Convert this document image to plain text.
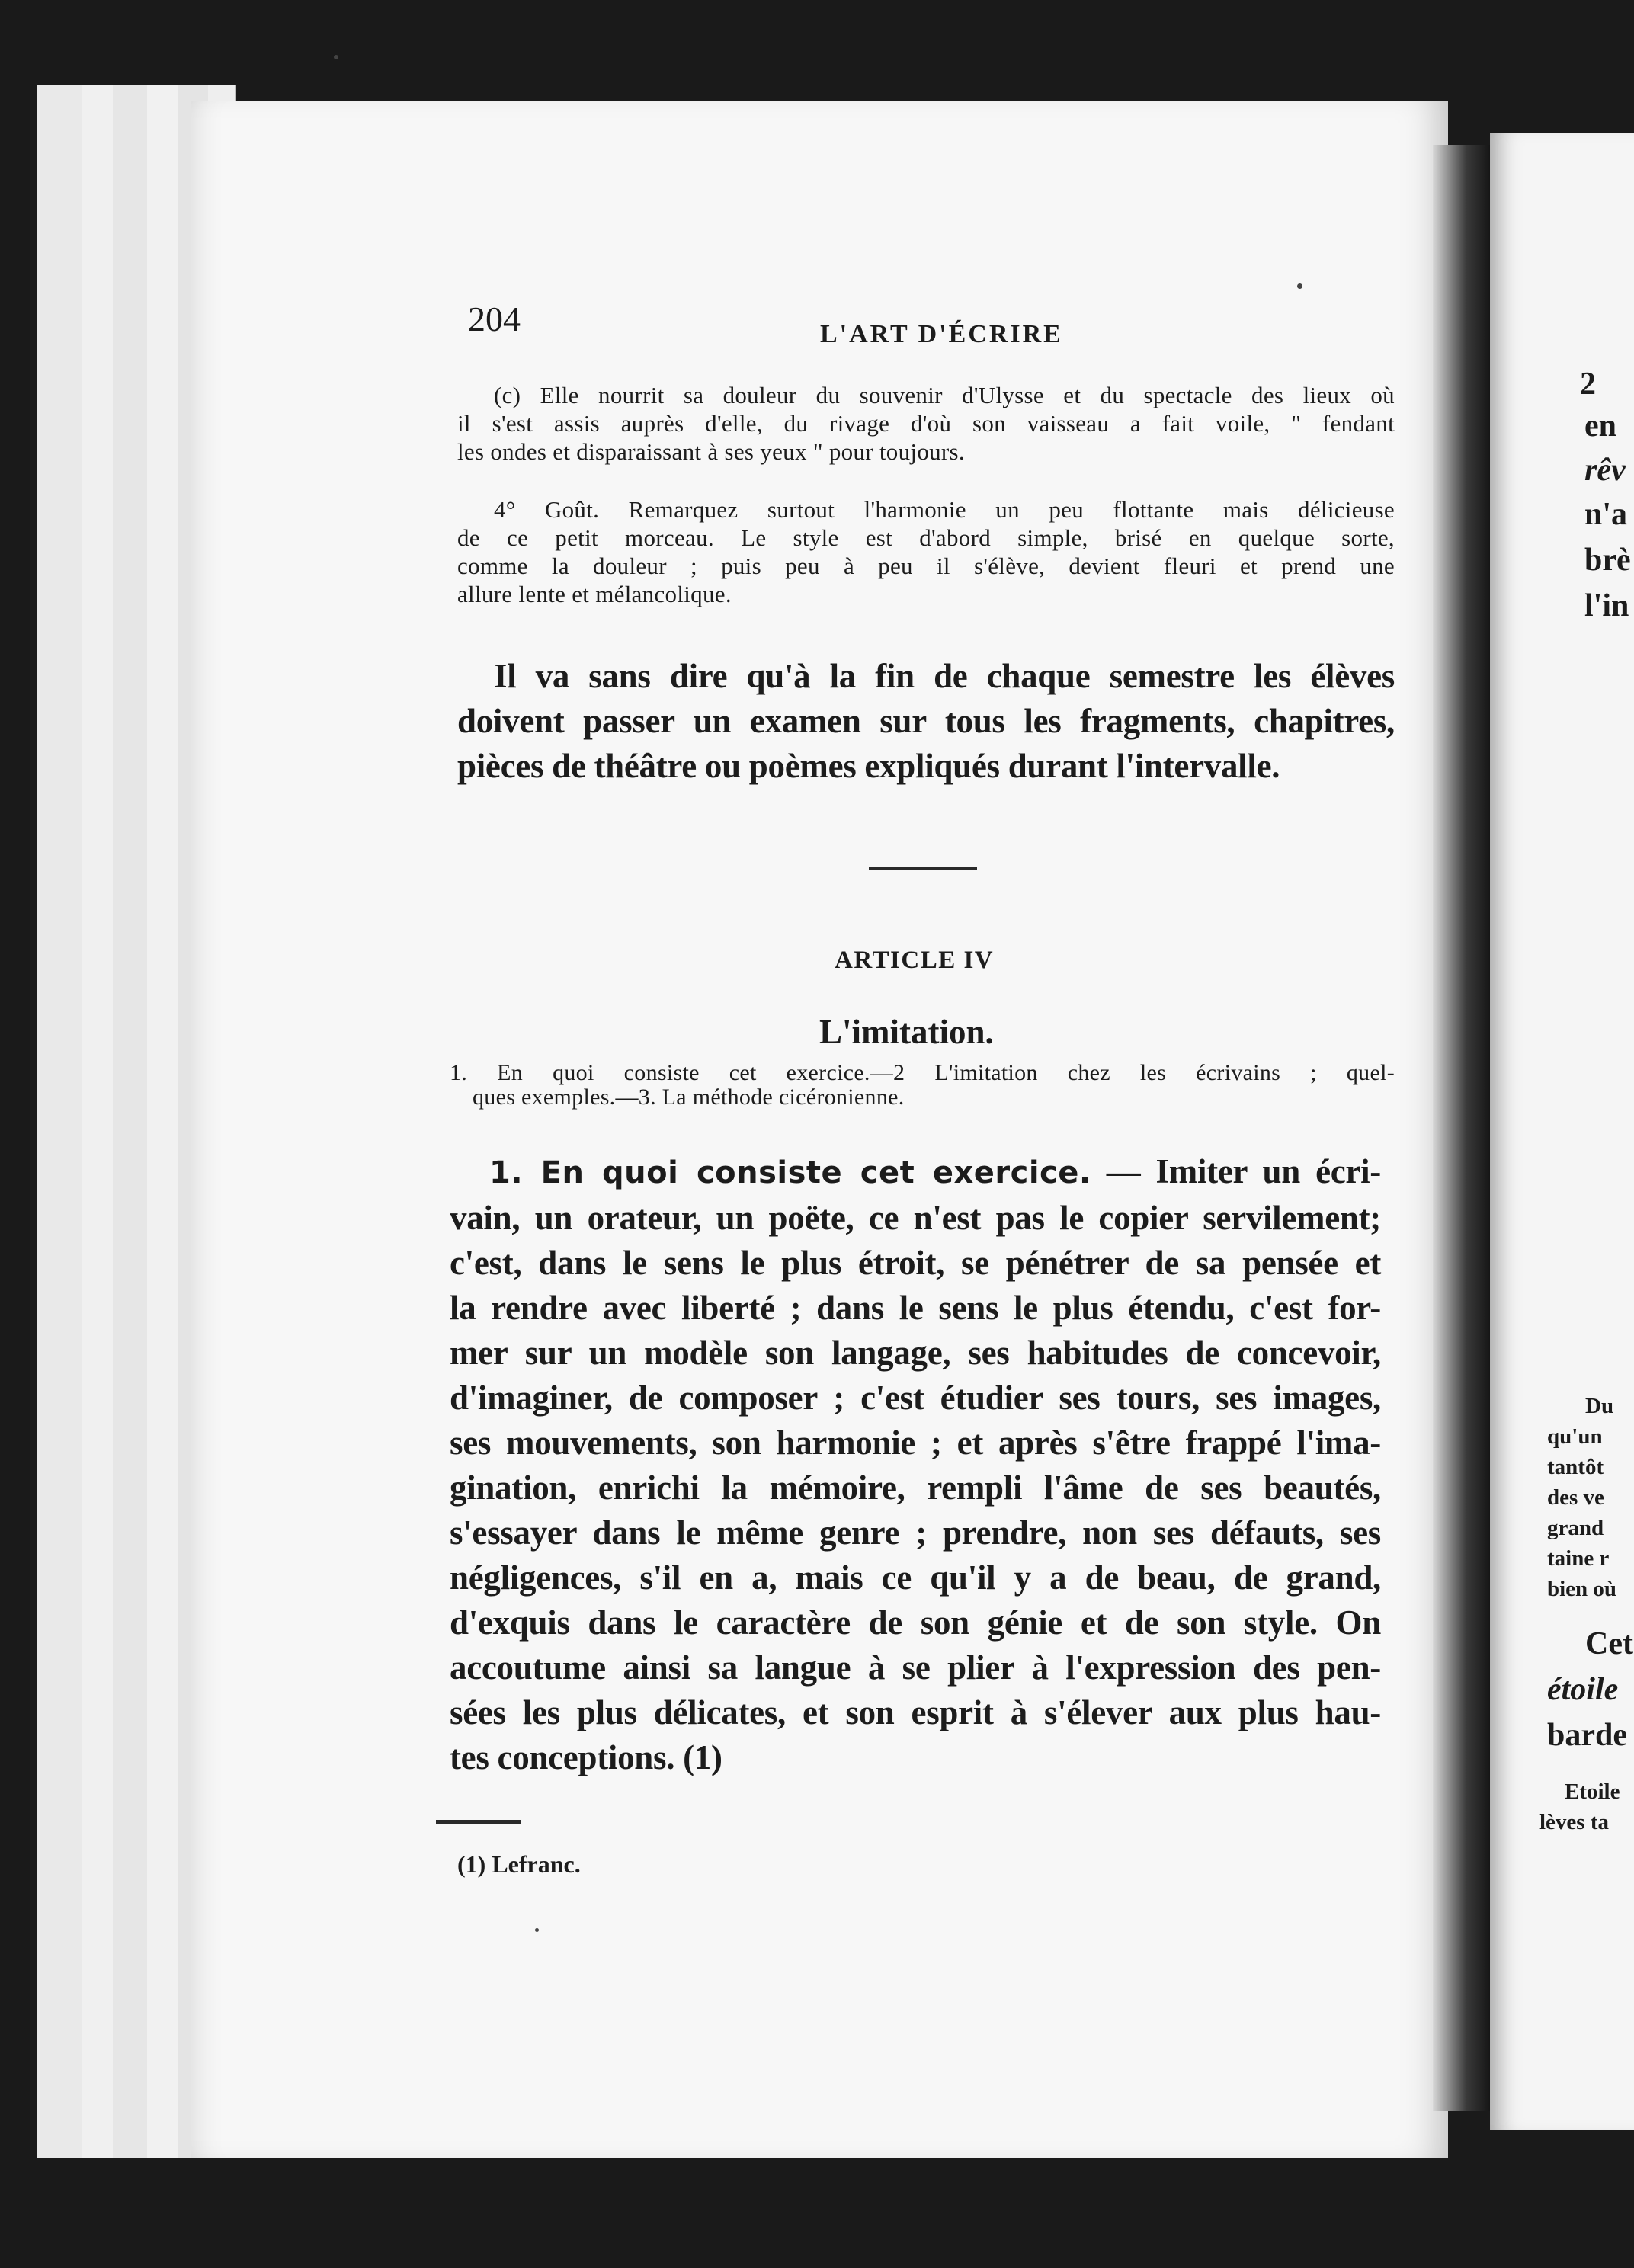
2
en
rêv
n'a
brè
l'in
Du
qu'un
tantôt
des ve
grand
taine r
bien où
Cet
étoile
barde
Etoile
lèves ta
204	L'ART D'ÉCRIRE
(c) Elle nourrit sa douleur du souvenir d'Ulysse et du spectacle des lieux où
il s'est assis auprès d'elle, du rivage d'où son vaisseau a fait voile, " fendant
les ondes et disparaissant à ses yeux " pour toujours.
4° Goût. Remarquez surtout l'harmonie un peu flottante mais délicieuse
de ce petit morceau. Le style est d'abord simple, brisé en quelque sorte,
comme la douleur ; puis peu à peu il s'élève, devient fleuri et prend une
allure lente et mélancolique.
Il va sans dire qu'à la fin de chaque semestre les élèves
doivent passer un examen sur tous les fragments, chapitres,
pièces de théâtre ou poèmes expliqués durant l'intervalle.
ARTICLE IV
L'imitation.
1. En quoi consiste cet exercice.—2 L'imitation chez les écrivains ; quel-
ques exemples.—3. La méthode cicéronienne.
1. En quoi consiste cet exercice. — Imiter un écri-
vain, un orateur, un poëte, ce n'est pas le copier servilement;
c'est, dans le sens le plus étroit, se pénétrer de sa pensée et
la rendre avec liberté ; dans le sens le plus étendu, c'est for-
mer sur un modèle son langage, ses habitudes de concevoir,
d'imaginer, de composer ; c'est étudier ses tours, ses images,
ses mouvements, son harmonie ; et après s'être frappé l'ima-
gination, enrichi la mémoire, rempli l'âme de ses beautés,
s'essayer dans le même genre ; prendre, non ses défauts, ses
négligences, s'il en a, mais ce qu'il y a de beau, de grand,
d'exquis dans le caractère de son génie et de son style. On
accoutume ainsi sa langue à se plier à l'expression des pen-
sées les plus délicates, et son esprit à s'élever aux plus hau-
tes conceptions. (1)
(1) Lefranc.
